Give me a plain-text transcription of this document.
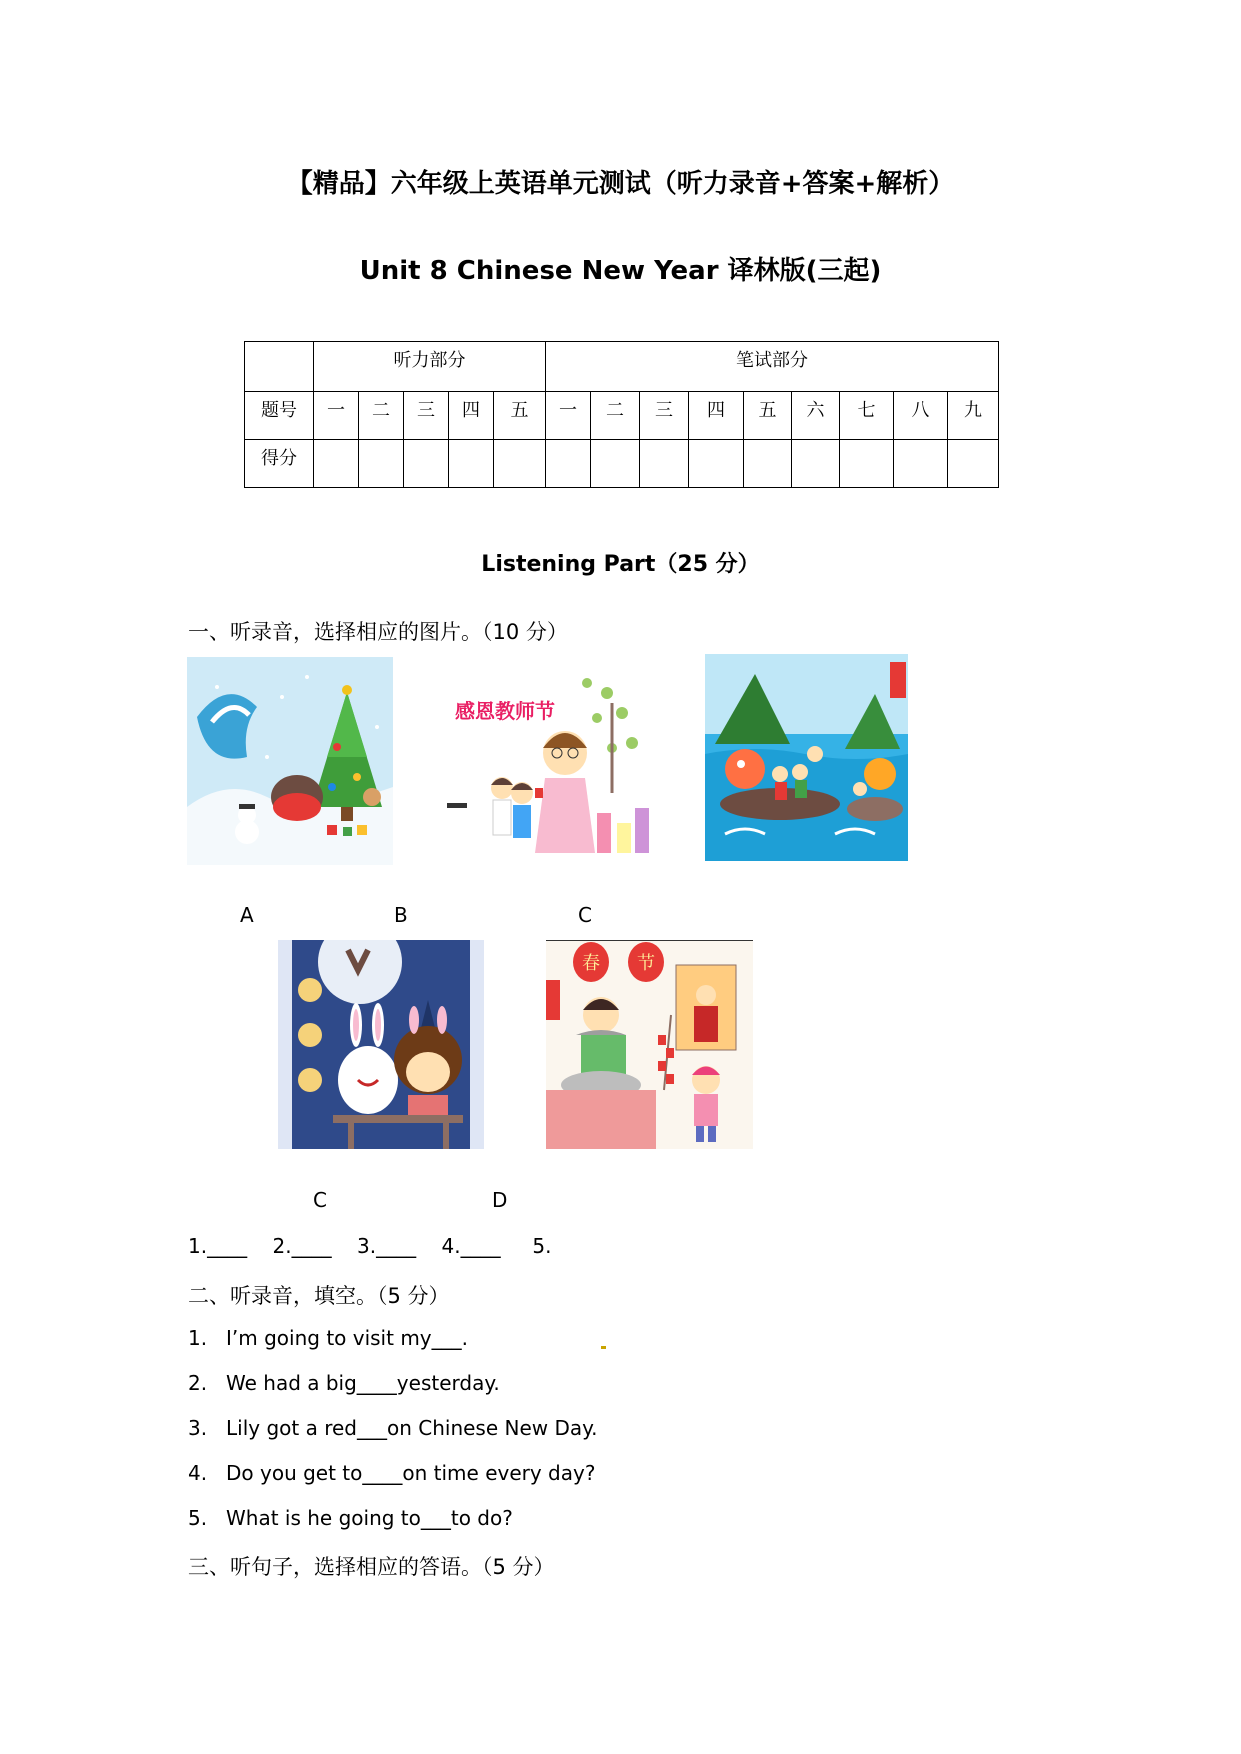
【精品】六年级上英语单元测试（听力录音+答案+解析）
Unit 8 Chinese New Year 译林版(三起)
	听力部分					笔试部分								
题号	一	二	三	四	五	一	二	三	四	五	六	七	八	九
得分														
Listening Part（25 分）
一、听录音，选择相应的图片。（10 分）
感恩教师节
A	B	C
春 节
C	D
1.____    2.____    3.____    4.____     5.
二、听录音，填空。（5 分）
1. I’m going to visit my___.
2. We had a big____yesterday.
3. Lily got a red___on Chinese New Day.
4. Do you get to____on time every day?
5. What is he going to___to do?
三、听句子，选择相应的答语。（5 分）
